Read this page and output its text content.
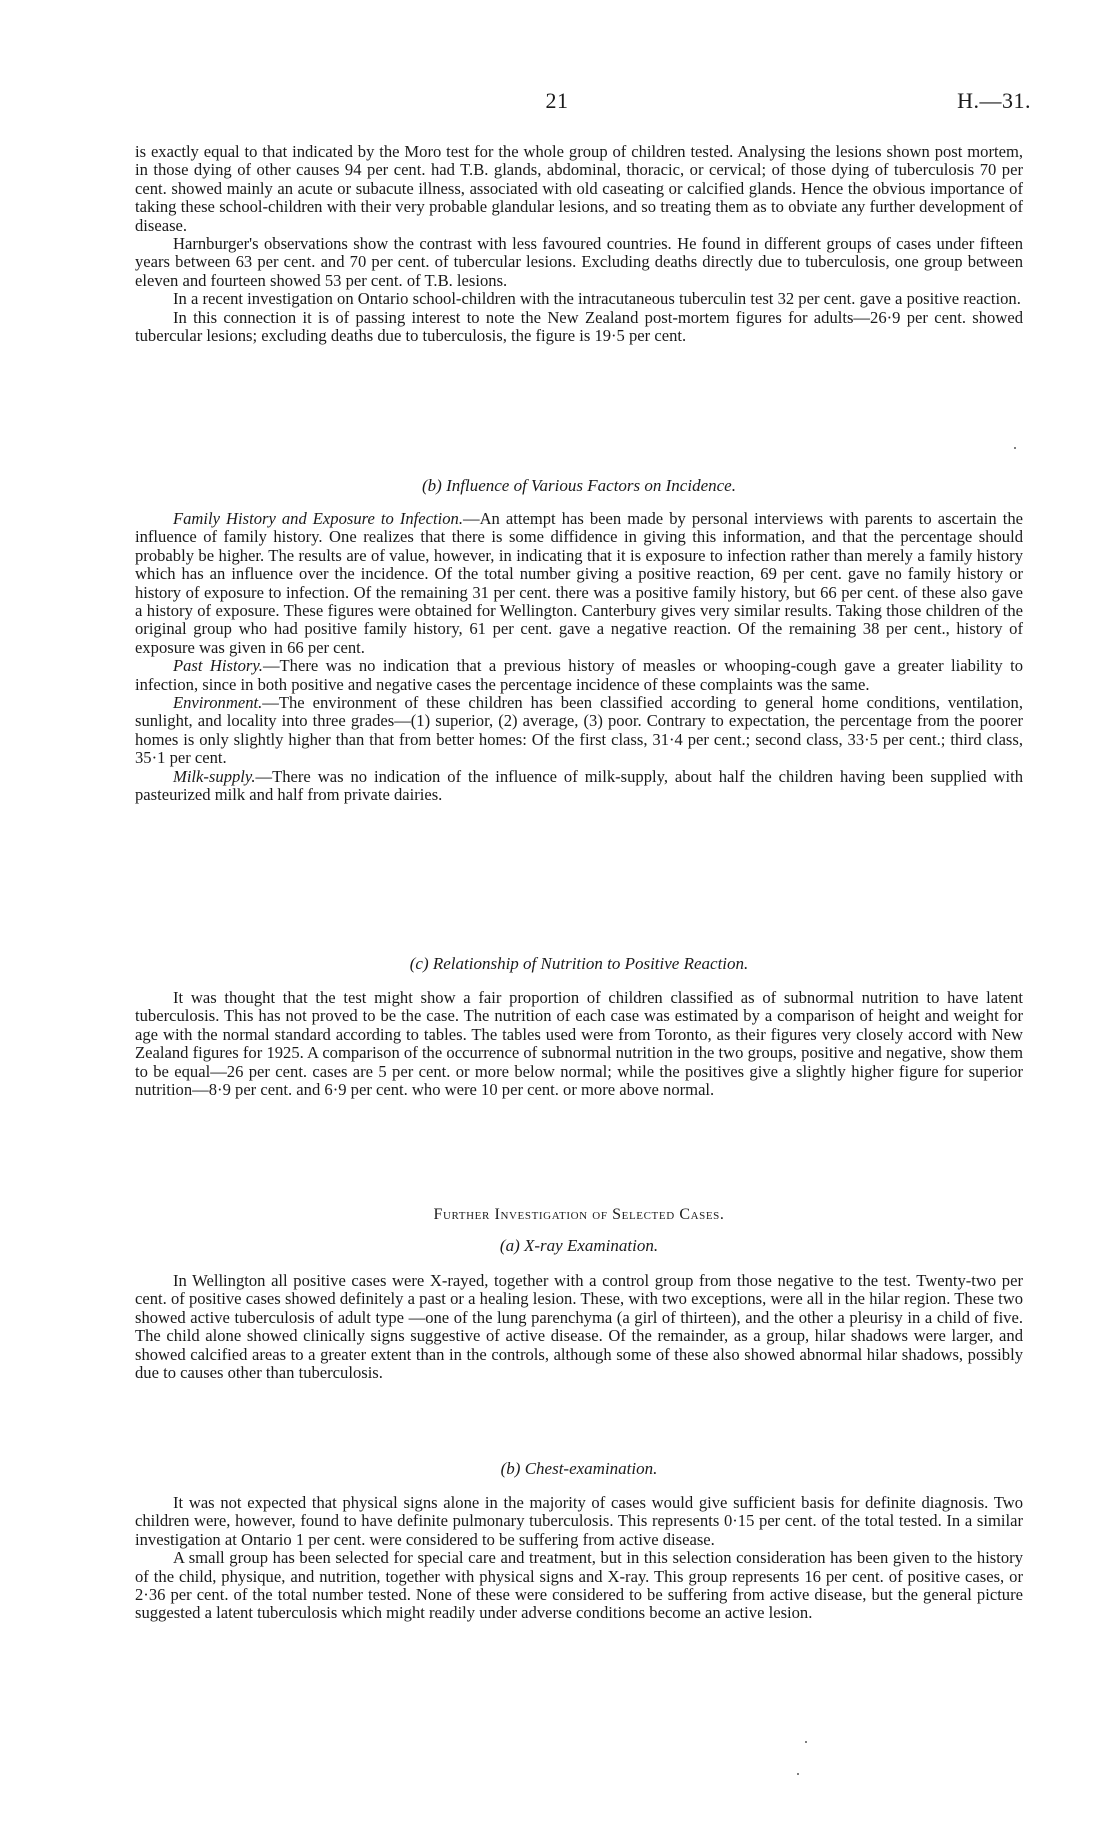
21	H.—31.

is exactly equal to that indicated by the Moro test for the whole group of children tested. Analysing the lesions shown post mortem, in those dying of other causes 94 per cent. had T.B. glands, abdominal, thoracic, or cervical; of those dying of tuberculosis 70 per cent. showed mainly an acute or subacute illness, associated with old caseating or calcified glands. Hence the obvious importance of taking these school-children with their very probable glandular lesions, and so treating them as to obviate any further development of disease.

Harnburger's observations show the contrast with less favoured countries. He found in different groups of cases under fifteen years between 63 per cent. and 70 per cent. of tubercular lesions. Excluding deaths directly due to tuberculosis, one group between eleven and fourteen showed 53 per cent. of T.B. lesions.

In a recent investigation on Ontario school-children with the intracutaneous tuberculin test 32 per cent. gave a positive reaction.

In this connection it is of passing interest to note the New Zealand post-mortem figures for adults—26·9 per cent. showed tubercular lesions; excluding deaths due to tuberculosis, the figure is 19·5 per cent.

(b) Influence of Various Factors on Incidence.

Family History and Exposure to Infection.—An attempt has been made by personal interviews with parents to ascertain the influence of family history. One realizes that there is some diffidence in giving this information, and that the percentage should probably be higher. The results are of value, however, in indicating that it is exposure to infection rather than merely a family history which has an influence over the incidence. Of the total number giving a positive reaction, 69 per cent. gave no family history or history of exposure to infection. Of the remaining 31 per cent. there was a positive family history, but 66 per cent. of these also gave a history of exposure. These figures were obtained for Wellington. Canterbury gives very similar results. Taking those children of the original group who had positive family history, 61 per cent. gave a negative reaction. Of the remaining 38 per cent., history of exposure was given in 66 per cent.

Past History.—There was no indication that a previous history of measles or whooping-cough gave a greater liability to infection, since in both positive and negative cases the percentage incidence of these complaints was the same.

Environment.—The environment of these children has been classified according to general home conditions, ventilation, sunlight, and locality into three grades—(1) superior, (2) average, (3) poor. Contrary to expectation, the percentage from the poorer homes is only slightly higher than that from better homes: Of the first class, 31·4 per cent.; second class, 33·5 per cent.; third class, 35·1 per cent.

Milk-supply.—There was no indication of the influence of milk-supply, about half the children having been supplied with pasteurized milk and half from private dairies.

(c) Relationship of Nutrition to Positive Reaction.

It was thought that the test might show a fair proportion of children classified as of subnormal nutrition to have latent tuberculosis. This has not proved to be the case. The nutrition of each case was estimated by a comparison of height and weight for age with the normal standard according to tables. The tables used were from Toronto, as their figures very closely accord with New Zealand figures for 1925. A comparison of the occurrence of subnormal nutrition in the two groups, positive and negative, show them to be equal—26 per cent. cases are 5 per cent. or more below normal; while the positives give a slightly higher figure for superior nutrition—8·9 per cent. and 6·9 per cent. who were 10 per cent. or more above normal.

Further Investigation of Selected Cases.
(a) X-ray Examination.

In Wellington all positive cases were X-rayed, together with a control group from those negative to the test. Twenty-two per cent. of positive cases showed definitely a past or a healing lesion. These, with two exceptions, were all in the hilar region. These two showed active tuberculosis of adult type —one of the lung parenchyma (a girl of thirteen), and the other a pleurisy in a child of five. The child alone showed clinically signs suggestive of active disease. Of the remainder, as a group, hilar shadows were larger, and showed calcified areas to a greater extent than in the controls, although some of these also showed abnormal hilar shadows, possibly due to causes other than tuberculosis.

(b) Chest-examination.

It was not expected that physical signs alone in the majority of cases would give sufficient basis for definite diagnosis. Two children were, however, found to have definite pulmonary tuberculosis. This represents 0·15 per cent. of the total tested. In a similar investigation at Ontario 1 per cent. were considered to be suffering from active disease.

A small group has been selected for special care and treatment, but in this selection consideration has been given to the history of the child, physique, and nutrition, together with physical signs and X-ray. This group represents 16 per cent. of positive cases, or 2·36 per cent. of the total number tested. None of these were considered to be suffering from active disease, but the general picture suggested a latent tuberculosis which might readily under adverse conditions become an active lesion.
